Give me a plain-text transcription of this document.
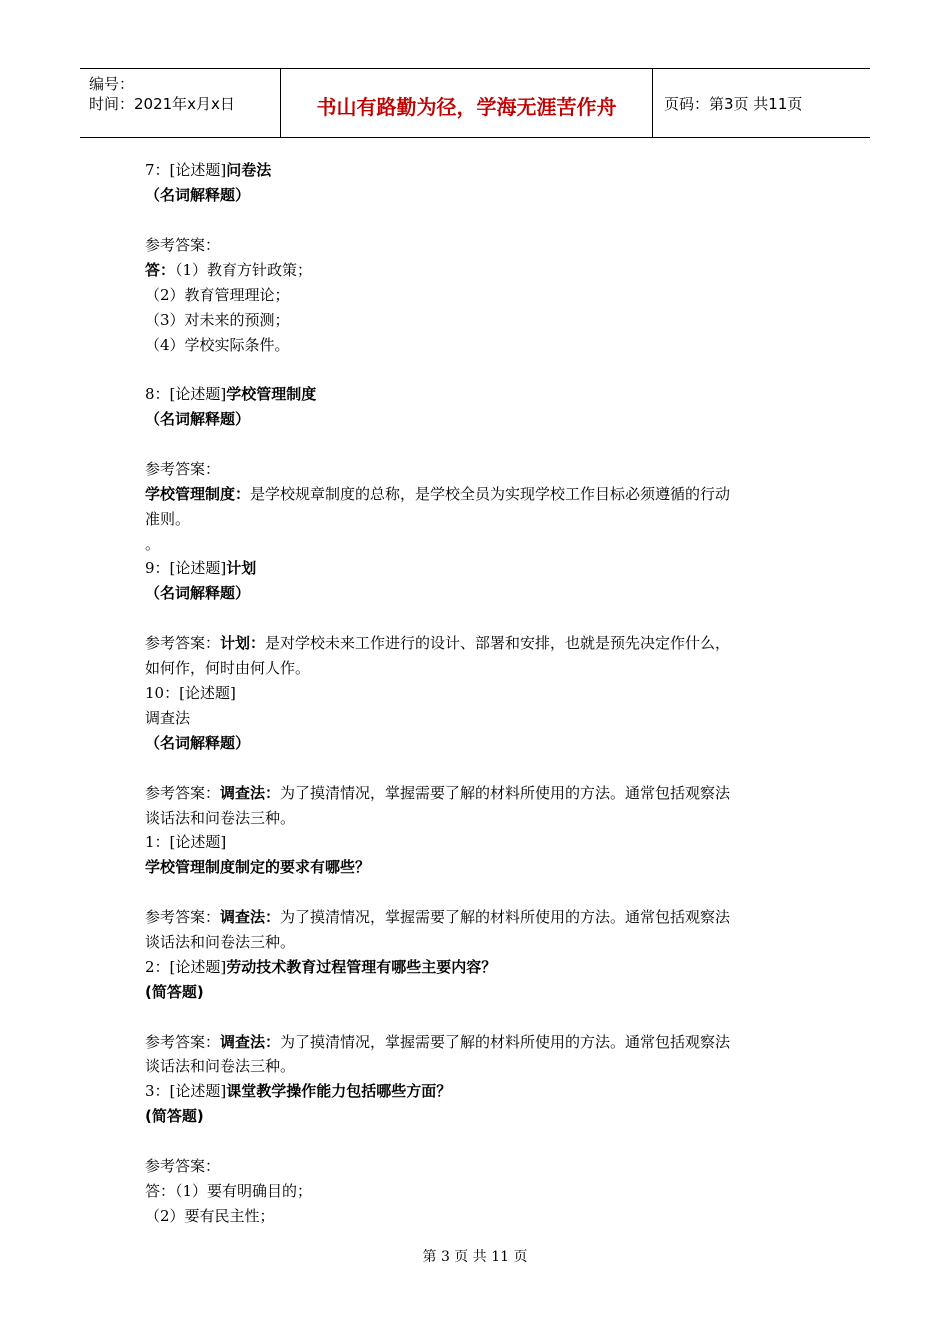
编号：
时间：2021年x月x日	书山有路勤为径，学海无涯苦作舟	页码：第3页 共11页
7：[论述题]问卷法
（名词解释题）
参考答案：
答：（1）教育方针政策；
（2）教育管理理论；
（3）对未来的预测；
（4）学校实际条件。
8：[论述题]学校管理制度
（名词解释题）
参考答案：
学校管理制度：是学校规章制度的总称，是学校全员为实现学校工作目标必须遵循的行动
准则。
。
9：[论述题]计划
（名词解释题）
参考答案：计划：是对学校未来工作进行的设计、部署和安排，也就是预先决定作什么，
如何作，何时由何人作。
10：[论述题]
调查法
（名词解释题）
参考答案：调查法：为了摸清情况，掌握需要了解的材料所使用的方法。通常包括观察法
谈话法和问卷法三种。
1：[论述题]
学校管理制度制定的要求有哪些？
参考答案：调查法：为了摸清情况，掌握需要了解的材料所使用的方法。通常包括观察法
谈话法和问卷法三种。
2：[论述题]劳动技术教育过程管理有哪些主要内容？
(简答题)
参考答案：调查法：为了摸清情况，掌握需要了解的材料所使用的方法。通常包括观察法
谈话法和问卷法三种。
3：[论述题]课堂教学操作能力包括哪些方面？
(简答题)
参考答案：
答：（1）要有明确目的；
（2）要有民主性；
第 3 页 共 11 页
